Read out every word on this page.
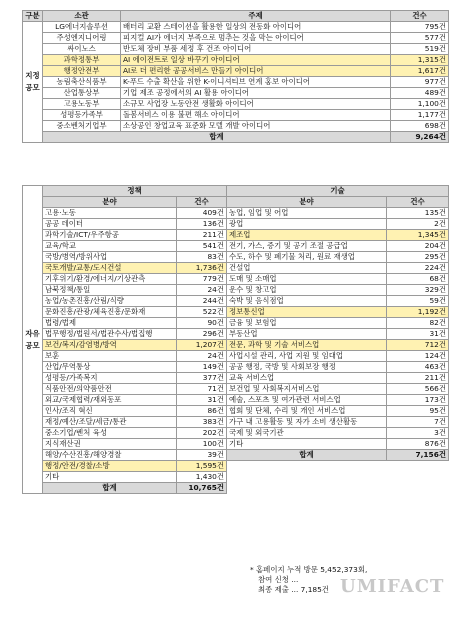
구분	소관	주제	건수
지정공모	LG에너지솔루션	배터리 교환 스테이션을 활용한 일상의 전동화 아이디어	795건
	주성엔지니어링	피지컬 AI가 에너지 부족으로 멈추는 것을 막는 아이디어	577건
	싸이노스	반도체 장비 부품 세정 후 건조 아이디어	519건
	과학정통부	AI 에이전트로 일상 바꾸기 아이디어	1,315건
	행정안전부	AI로 더 편리한 공공서비스 만들기 아이디어	1,617건
	농림축산식품부	K-푸드 수출 확산을 위한 K-이니셔티브 연계 홍보 아이디어	977건
	산업통상부	기업 제조 공정에서의 AI 활용 아이디어	489건
	고용노동부	소규모 사업장 노동안전 생활화 아이디어	1,100건
	성평등가족부	돌봄서비스 이용 불편 해소 아이디어	1,177건
	중소벤처기업부	소상공인 창업교육 표준화 모델 개발 아이디어	698건
	합계		9,264건
자유공모	정책		기술	
	분야	건수	분야	건수
	고용·노동	409건	농업, 임업 및 어업	135건
	공공 데이터	136건	광업	2건
	과학기술/ICT/우주항공	211건	제조업	1,345건
	교육/학교	541건	전기, 가스, 증기 및 공기 조절 공급업	204건
	국방/병역/방위사업	83건	수도, 하수 및 폐기물 처리, 원료 재생업	295건
	국토개발/교통/도시건설	1,736건	건설업	224건
	기후위기/환경/에너지/기상관측	779건	도매 및 소매업	68건
	남북정책/통일	24건	운수 및 창고업	329건
	농업/농촌진흥/산림/식량	244건	숙박 및 음식점업	59건
	문화진흥/관광/체육진흥/문화재	522건	정보통신업	1,192건
	법령/법제	90건	금융 및 보험업	82건
	법무행정/법원서/법관수사/법집행	296건	부동산업	31건
	보건/복지/감염병/방역	1,207건	전문, 과학 및 기술 서비스업	712건
	보훈	24건	사업시설 관리, 사업 지원 및 임대업	124건
	산업/무역통상	149건	공공 행정, 국방 및 사회보장 행정	463건
	성평등/가족복지	377건	교육 서비스업	211건
	식품안전/의약품안전	71건	보건업 및 사회복지서비스업	566건
	외교/국제협력/재외동포	31건	예술, 스포츠 및 여가관련 서비스업	173건
	인사/조직 혁신	86건	협회 및 단체, 수리 및 개인 서비스업	95건
	재정/예산/조달/세금/통관	383건	가구 내 고용활동 및 자가 소비 생산활동	7건
	중소기업/벤처 육성	202건	국제 및 외국기관	3건
	지식재산권	100건	기타	876건
	해양/수산진흥/해양경찰	39건	합계	7,156건
	행정/안전/경찰/소방	1,595건		
	기타	1,430건		
	합계	10,765건		
* 홈페이지 누적 방문 5,452,373회,
참여 신청 ...
최종 제출 ... 7,185건 UMIFACT
